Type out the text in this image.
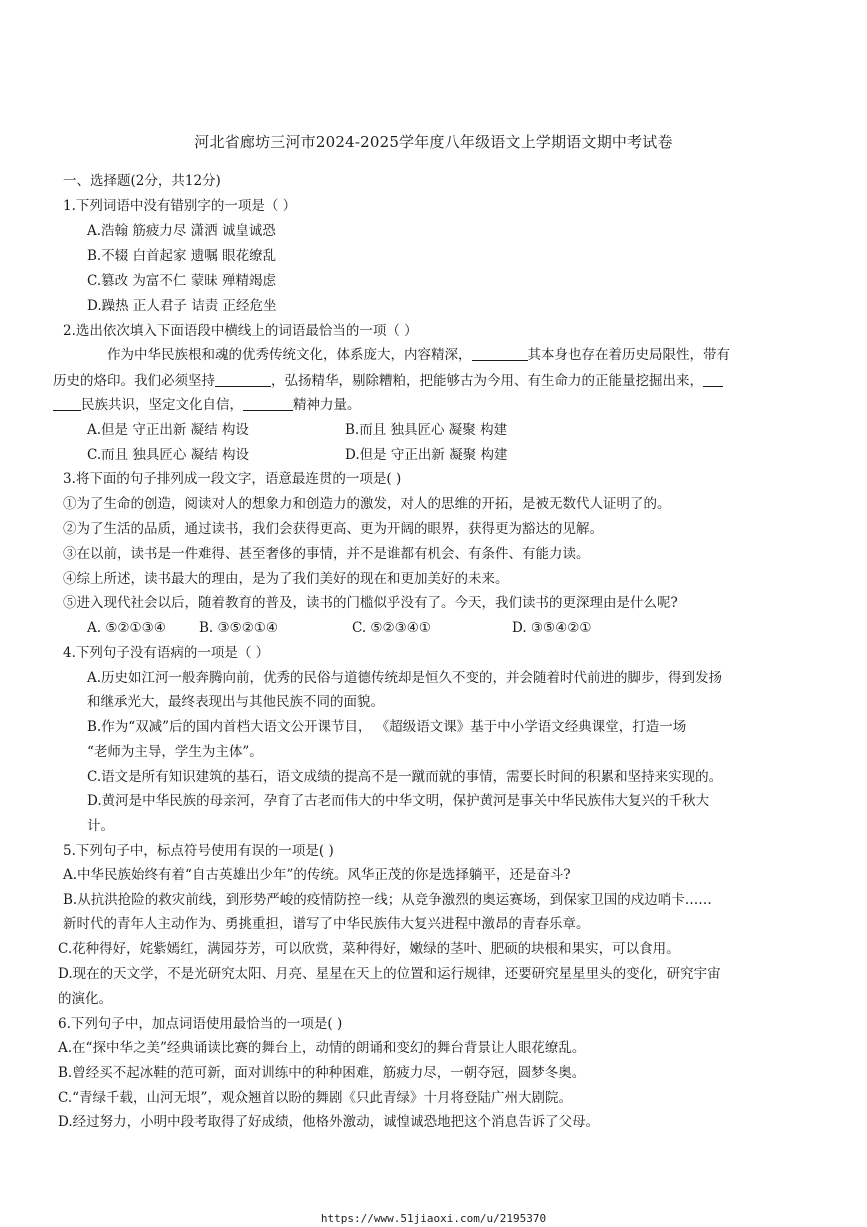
河北省廊坊三河市2024-2025学年度八年级语文上学期语文期中考试卷
一、选择题(2分，共12分)
1.下列词语中没有错别字的一项是（ ）
A.浩翰 筋疲力尽 潇洒 诚皇诚恐
B.不辍 白首起家 遗嘱 眼花缭乱
C.篡改 为富不仁 蒙昧 殚精竭虑
D.躁热 正人君子 诘责 正经危坐
2.选出依次填入下面语段中横线上的词语最恰当的一项（ ）
作为中华民族根和魂的优秀传统文化，体系庞大，内容精深，	其本身也存在着历史局限性，带有
历史的烙印。我们必须坚持	，弘扬精华，剔除糟粕，把能够古为今用、有生命力的正能量挖掘出来，
民族共识，坚定文化自信，	精神力量。
A.但是 守正出新 凝结 构设	B.而且 独具匠心 凝聚 构建
C.而且 独具匠心 凝结 构设	D.但是 守正出新 凝聚 构建
3.将下面的句子排列成一段文字，语意最连贯的一项是( )
①为了生命的创造，阅读对人的想象力和创造力的激发，对人的思维的开拓，是被无数代人证明了的。
②为了生活的品质，通过读书，我们会获得更高、更为开阔的眼界，获得更为豁达的见解。
③在以前，读书是一件难得、甚至奢侈的事情，并不是谁都有机会、有条件、有能力读。
④综上所述，读书最大的理由，是为了我们美好的现在和更加美好的未来。
⑤进入现代社会以后，随着教育的普及，读书的门槛似乎没有了。今天，我们读书的更深理由是什么呢?
A. ⑤②①③④ B. ③⑤②①④	C. ⑤②③④①	D. ③⑤④②①
4.下列句子没有语病的一项是（ ）
A.历史如江河一般奔腾向前，优秀的民俗与道德传统却是恒久不变的，并会随着时代前进的脚步，得到发扬
和继承光大，最终表现出与其他民族不同的面貌。
B.作为“双减”后的国内首档大语文公开课节目， 《超级语文课》基于中小学语文经典课堂，打造一场
“老师为主导，学生为主体”。
C.语文是所有知识建筑的基石，语文成绩的提高不是一蹴而就的事情，需要长时间的积累和坚持来实现的。
D.黄河是中华民族的母亲河，孕育了古老而伟大的中华文明，保护黄河是事关中华民族伟大复兴的千秋大
计。
5.下列句子中，标点符号使用有误的一项是( )
A.中华民族始终有着“自古英雄出少年”的传统。风华正茂的你是选择躺平，还是奋斗?
B.从抗洪抢险的救灾前线，到形势严峻的疫情防控一线；从竞争激烈的奥运赛场，到保家卫国的戍边哨卡……
新时代的青年人主动作为、勇挑重担，谱写了中华民族伟大复兴进程中激昂的青春乐章。
C.花种得好，姹紫嫣红，满园芬芳，可以欣赏，菜种得好，嫩绿的茎叶、肥硕的块根和果实，可以食用。
D.现在的天文学，不是光研究太阳、月亮、星星在天上的位置和运行规律，还要研究星星里头的变化，研究宇宙
的演化。
6.下列句子中，加点词语使用最恰当的一项是( )
A.在“探中华之美”经典诵读比赛的舞台上，动情的朗诵和变幻的舞台背景让人眼花缭乱。
B.曾经买不起冰鞋的范可新，面对训练中的种种困难，筋疲力尽，一朝夺冠，圆梦冬奥。
C.“青绿千载，山河无垠”，观众翘首以盼的舞剧《只此青绿》十月将登陆广州大剧院。
D.经过努力，小明中段考取得了好成绩，他格外激动，诚惶诚恐地把这个消息告诉了父母。
https://www.51jiaoxi.com/u/2195370
